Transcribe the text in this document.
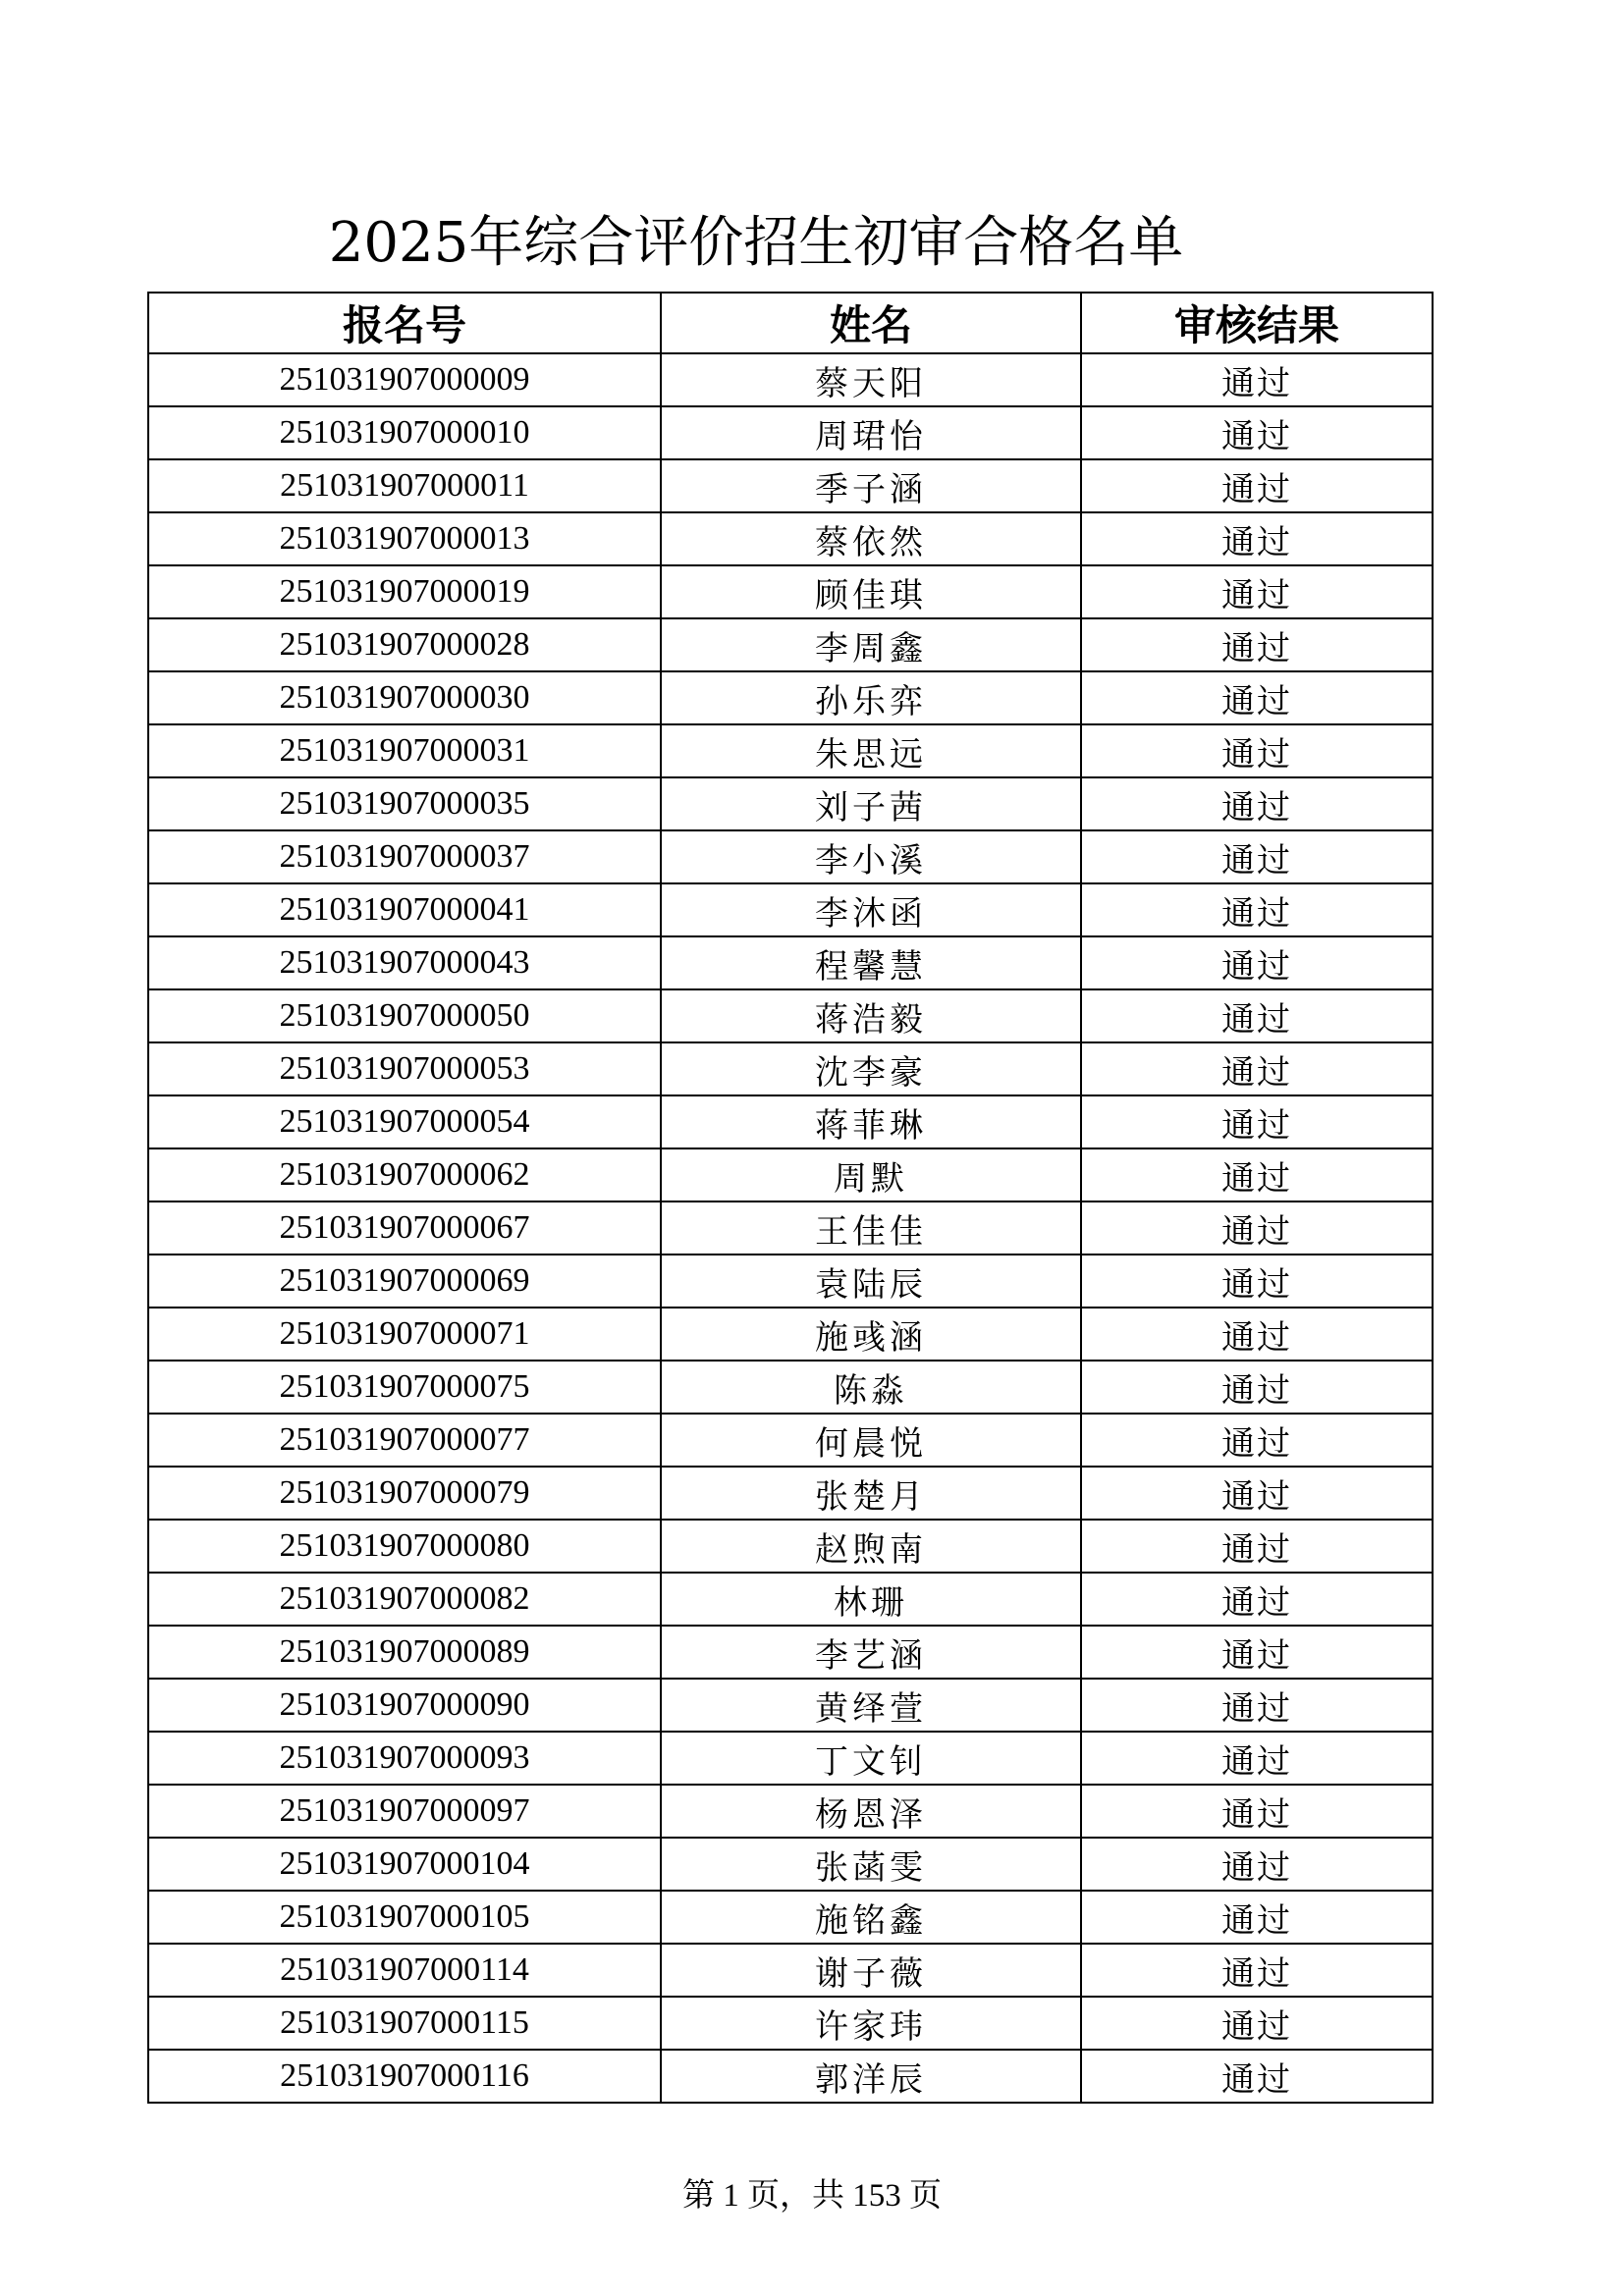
2025年综合评价招生初审合格名单
报名号	姓名	审核结果
251031907000009	蔡天阳	通过
251031907000010	周珺怡	通过
251031907000011	季子涵	通过
251031907000013	蔡依然	通过
251031907000019	顾佳琪	通过
251031907000028	李周鑫	通过
251031907000030	孙乐弈	通过
251031907000031	朱思远	通过
251031907000035	刘子茜	通过
251031907000037	李小溪	通过
251031907000041	李沐函	通过
251031907000043	程馨慧	通过
251031907000050	蒋浩毅	通过
251031907000053	沈李豪	通过
251031907000054	蒋菲琳	通过
251031907000062	周默	通过
251031907000067	王佳佳	通过
251031907000069	袁陆辰	通过
251031907000071	施彧涵	通过
251031907000075	陈淼	通过
251031907000077	何晨悦	通过
251031907000079	张楚月	通过
251031907000080	赵煦南	通过
251031907000082	林珊	通过
251031907000089	李艺涵	通过
251031907000090	黄绎萱	通过
251031907000093	丁文钊	通过
251031907000097	杨恩泽	通过
251031907000104	张菡雯	通过
251031907000105	施铭鑫	通过
251031907000114	谢子薇	通过
251031907000115	许家玮	通过
251031907000116	郭洋辰	通过
第 1 页，共 153 页
